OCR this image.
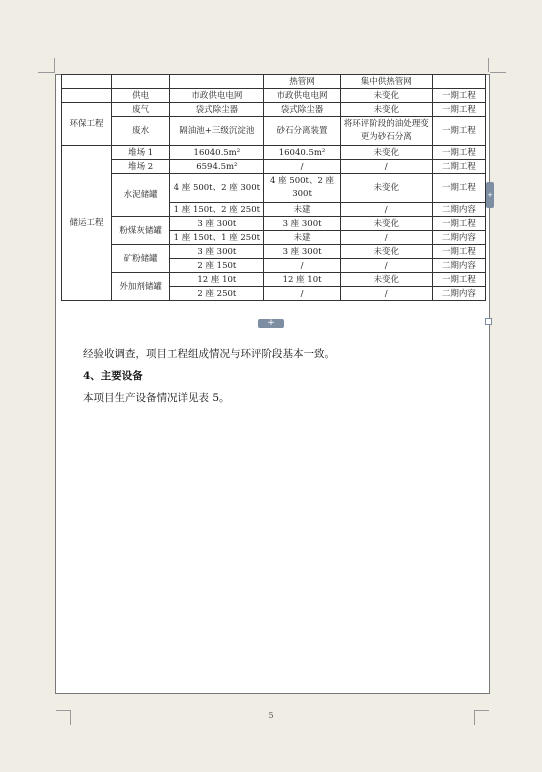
			热管网	集中供热管网	
	供电	市政供电电网	市政供电电网	未变化	一期工程
环保工程	废气	袋式除尘器	袋式除尘器	未变化	一期工程
	废水	隔油池+三级沉淀池	砂石分离装置	将环评阶段的油处理变更为砂石分离	一期工程
储运工程	堆场 1	16040.5m²	16040.5m²	未变化	一期工程
	堆场 2	6594.5m²	/	/	二期工程
	水泥储罐	4 座 500t、2 座 300t	4 座 500t、2 座 300t	未变化	一期工程
		1 座 150t、2 座 250t	未建	/	二期内容
	粉煤灰储罐	3 座 300t	3 座 300t	未变化	一期工程
		1 座 150t、1 座 250t	未建	/	二期内容
	矿粉储罐	3 座 300t	3 座 300t	未变化	一期工程
		2 座 150t	/	/	二期内容
	外加剂储罐	12 座 10t	12 座 10t	未变化	一期工程
		2 座 250t	/	/	二期内容
+
+
经验收调查，项目工程组成情况与环评阶段基本一致。
4、主要设备
本项目生产设备情况详见表 5。
5
